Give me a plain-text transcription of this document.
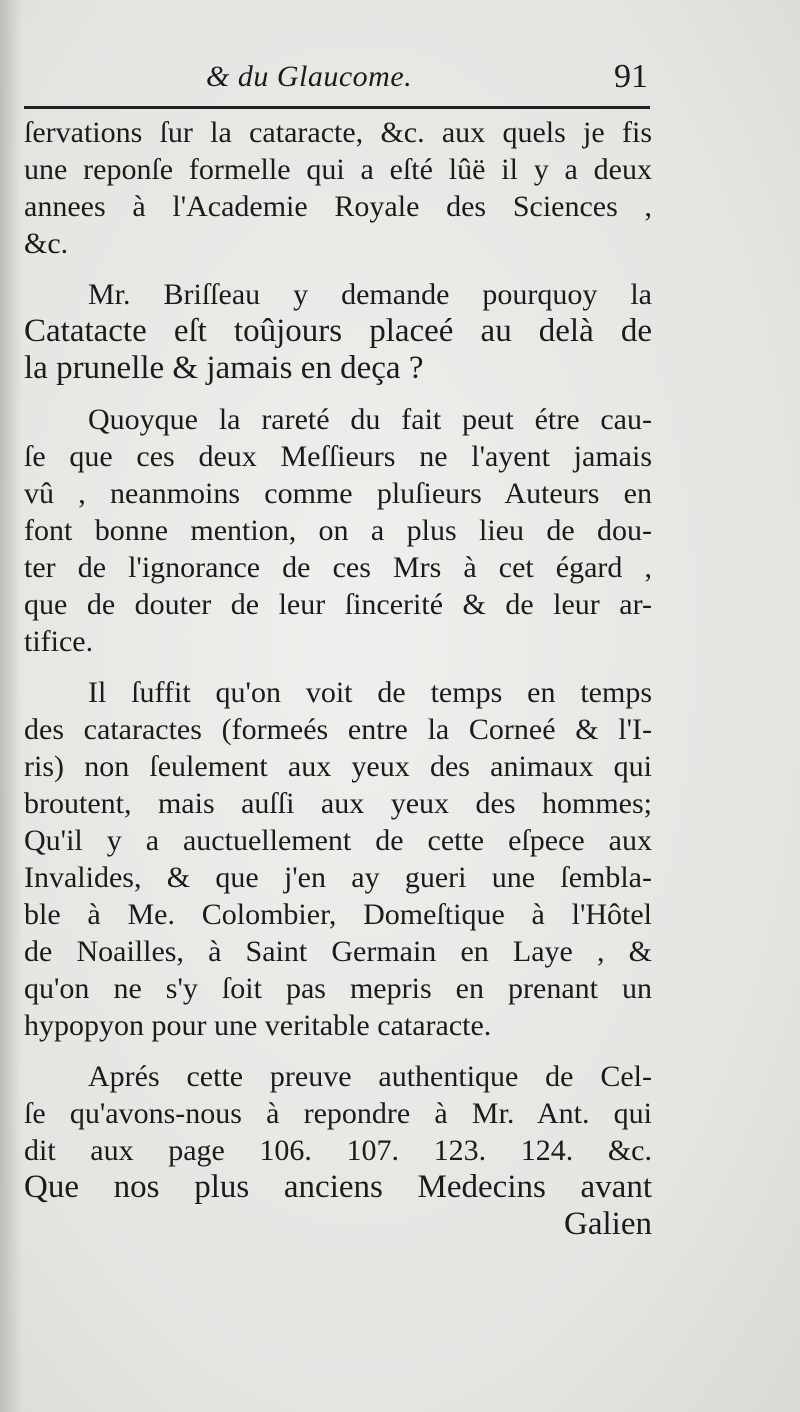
& du Glaucome.	91
ſervations ſur la cataracte, &c. aux quels je fis
une reponſe formelle qui a eſté lûë il y a deux
annees à l'Academie Royale des Sciences ,
&c.
Mr. Briſſeau y demande pourquoy la
Catatacte eſt toûjours placeé au delà de
la prunelle & jamais en deça ?
Quoyque la rareté du fait peut étre cau-
ſe que ces deux Meſſieurs ne l'ayent jamais
vû , neanmoins comme pluſieurs Auteurs en
font bonne mention, on a plus lieu de dou-
ter de l'ignorance de ces Mrs à cet égard ,
que de douter de leur ſincerité & de leur ar-
tifice.
Il ſuffit qu'on voit de temps en temps
des cataractes (formeés entre la Corneé & l'I-
ris) non ſeulement aux yeux des animaux qui
broutent, mais auſſi aux yeux des hommes;
Qu'il y a auctuellement de cette eſpece aux
Invalides, & que j'en ay gueri une ſembla-
ble à Me. Colombier, Domeſtique à l'Hôtel
de Noailles, à Saint Germain en Laye , &
qu'on ne s'y ſoit pas mepris en prenant un
hypopyon pour une veritable cataracte.
Aprés cette preuve authentique de Cel-
ſe qu'avons-nous à repondre à Mr. Ant. qui
dit aux page 106. 107. 123. 124. &c.
Que nos plus anciens Medecins avant
Galien
